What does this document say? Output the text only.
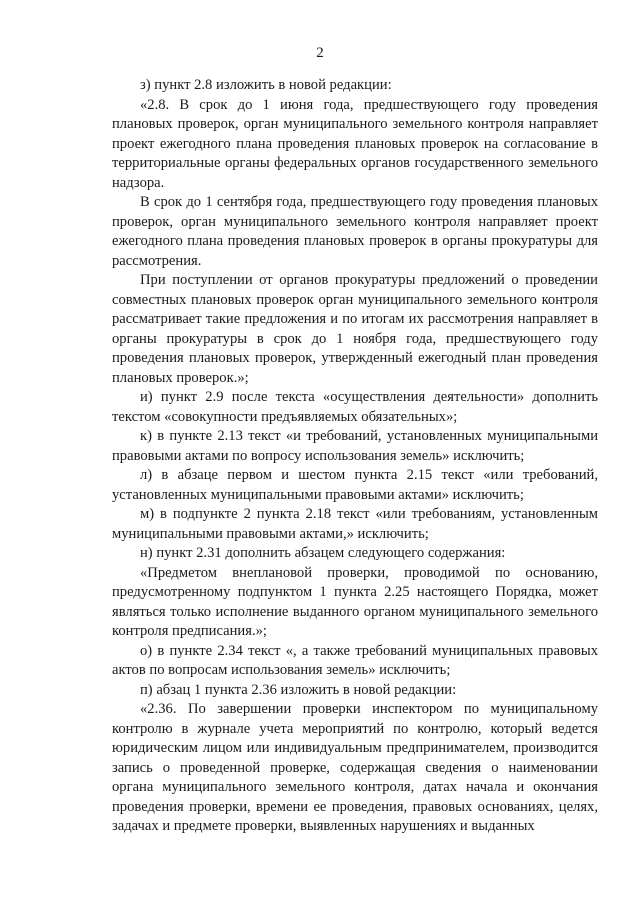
2

з) пункт 2.8 изложить в новой редакции:

«2.8. В срок до 1 июня года, предшествующего году проведения плановых проверок, орган муниципального земельного контроля направляет проект ежегодного плана проведения плановых проверок на согласование в территориальные органы федеральных органов государственного земельного надзора.

В срок до 1 сентября года, предшествующего году проведения плановых проверок, орган муниципального земельного контроля направляет проект ежегодного плана проведения плановых проверок в органы прокуратуры для рассмотрения.

При поступлении от органов прокуратуры предложений о проведении совместных плановых проверок орган муниципального земельного контроля рассматривает такие предложения и по итогам их рассмотрения направляет в органы прокуратуры в срок до 1 ноября года, предшествующего году проведения плановых проверок, утвержденный ежегодный план проведения плановых проверок.»;

и) пункт 2.9 после текста «осуществления деятельности» дополнить текстом «совокупности предъявляемых обязательных»;

к) в пункте 2.13 текст «и требований, установленных муниципальными правовыми актами по вопросу использования земель» исключить;

л) в абзаце первом и шестом пункта 2.15 текст «или требований, установленных муниципальными правовыми актами» исключить;

м) в подпункте 2 пункта 2.18 текст «или требованиям, установленным муниципальными правовыми актами,» исключить;

н) пункт 2.31 дополнить абзацем следующего содержания:

«Предметом внеплановой проверки, проводимой по основанию, предусмотренному подпунктом 1 пункта 2.25 настоящего Порядка, может являться только исполнение выданного органом муниципального земельного контроля предписания.»;

о) в пункте 2.34 текст «, а также требований муниципальных правовых актов по вопросам использования земель» исключить;

п) абзац 1 пункта 2.36 изложить в новой редакции:

«2.36. По завершении проверки инспектором по муниципальному контролю в журнале учета мероприятий по контролю, который ведется юридическим лицом или индивидуальным предпринимателем, производится запись о проведенной проверке, содержащая сведения о наименовании органа муниципального земельного контроля, датах начала и окончания проведения проверки, времени ее проведения, правовых основаниях, целях, задачах и предмете проверки, выявленных нарушениях и выданных
